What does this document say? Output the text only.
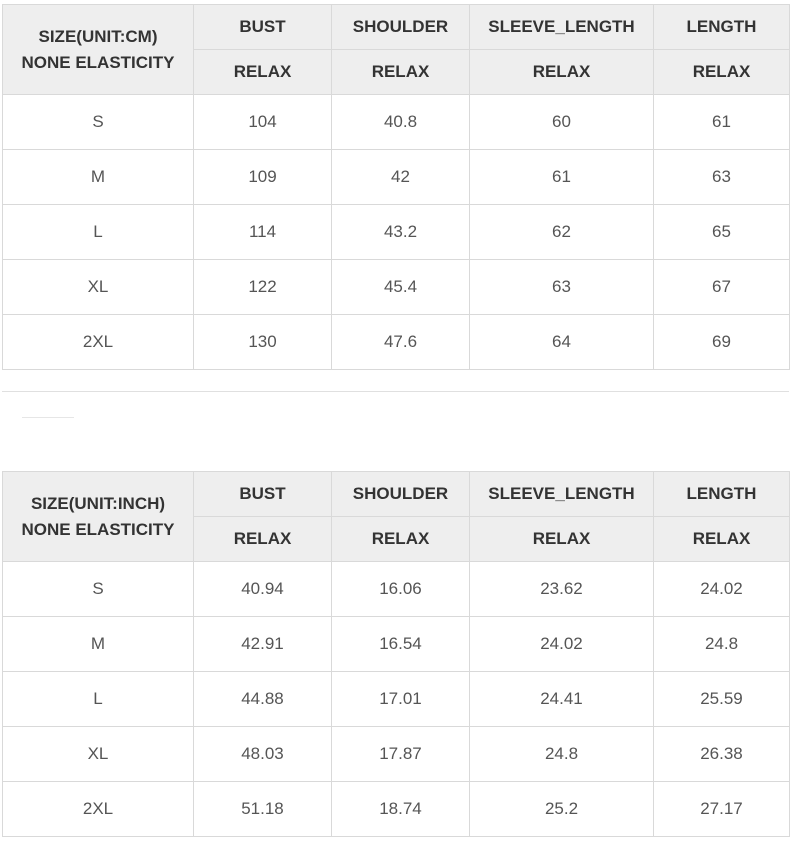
SIZE(UNIT:CM)
NONE ELASTICITY	BUST	SHOULDER	SLEEVE_LENGTH	LENGTH
	RELAX	RELAX	RELAX	RELAX
S	104	40.8	60	61
M	109	42	61	63
L	114	43.2	62	65
XL	122	45.4	63	67
2XL	130	47.6	64	69
SIZE(UNIT:INCH)
NONE ELASTICITY	BUST	SHOULDER	SLEEVE_LENGTH	LENGTH
	RELAX	RELAX	RELAX	RELAX
S	40.94	16.06	23.62	24.02
M	42.91	16.54	24.02	24.8
L	44.88	17.01	24.41	25.59
XL	48.03	17.87	24.8	26.38
2XL	51.18	18.74	25.2	27.17
